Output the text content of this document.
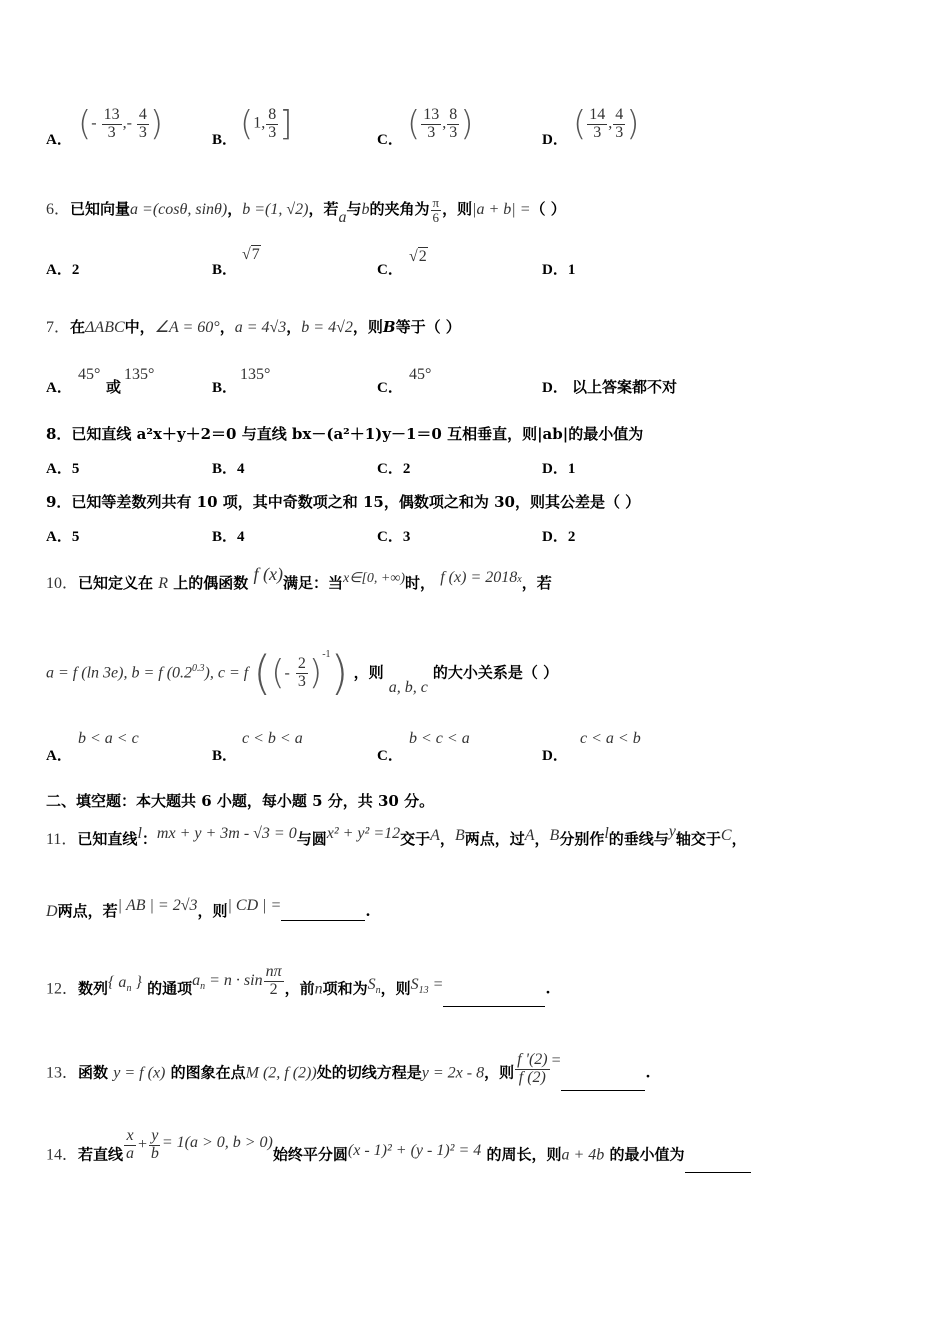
A． (- $\frac{13}{3}$ ,- $\frac{4}{3}$ )	B． (1, $\frac{8}{3}$ ]	C． ( $\frac{13}{3}$ , $\frac{8}{3}$ )	D． ( $\frac{14}{3}$ , $\frac{4}{3}$ )
6．已知向量a =(cosθ, sinθ)，b =(1, √2)，若a与b的夹角为 $\frac{\pi}{6}$ ，则|a + b| =（ ）
A．2	B．
√7
C．
√2
D．1
7．在ΔABC中，∠A = 60°，a = 4√3，b = 4√2，则B等于（ ）
A．
45°
或
135°
B．
135°
C．
45°
D． 以上答案都不对
8．已知直线 a²x＋y＋2＝0 与直线 bx－(a²＋1)y－1＝0 互相垂直，则|ab|的最小值为
A．5	B．4	C．2	D．1
9．已知等差数列共有 10 项，其中奇数项之和 15，偶数项之和为 30，则其公差是（ ）
A．5	B．4	C．3	D．2
10．已知定义在 R 上的偶函数 f (x)满足：当x∈[0, +∞)时， f $(x) = 2018^x$，若
a = f (ln 3e), b = f $(0.2^{0.3})$, c = f ((- $\frac{2}{3} )^{-1}$) ，则 a, b, c 的大小关系是（ ）
A．
b < a < c
B．
c < b < a
C．
b < c < a
D．
c < a < b
二、填空题：本大题共 6 小题，每小题 5 分，共 30 分。
11．已知直线l：mx + y + 3m - √3 = 0与圆x² + y² =12交于A，B两点，过A，B分别作l的垂线与y轴交于C，
D两点，若| AB | = 2√3，则| CD | =	.
12．数列{ $a_n$ } 的通项$a_n = n \cdot \sin \frac{n\pi}{2}$ ，前n项和为$S_n$，则$S_{13}$ =	.
13．函数 y = f (x) 的图象在点M (2, f (2))处的切线方程是y = 2x - 8，则 $\frac{f '(2)}{f (2)}$ =.
14．若直线 $\frac{x}{a} + \frac{y}{b} = 1(a > 0$, b > 0)始终平分圆(x - 1)² + (y - 1)² = 4 的周长，则a + 4b 的最小值为
